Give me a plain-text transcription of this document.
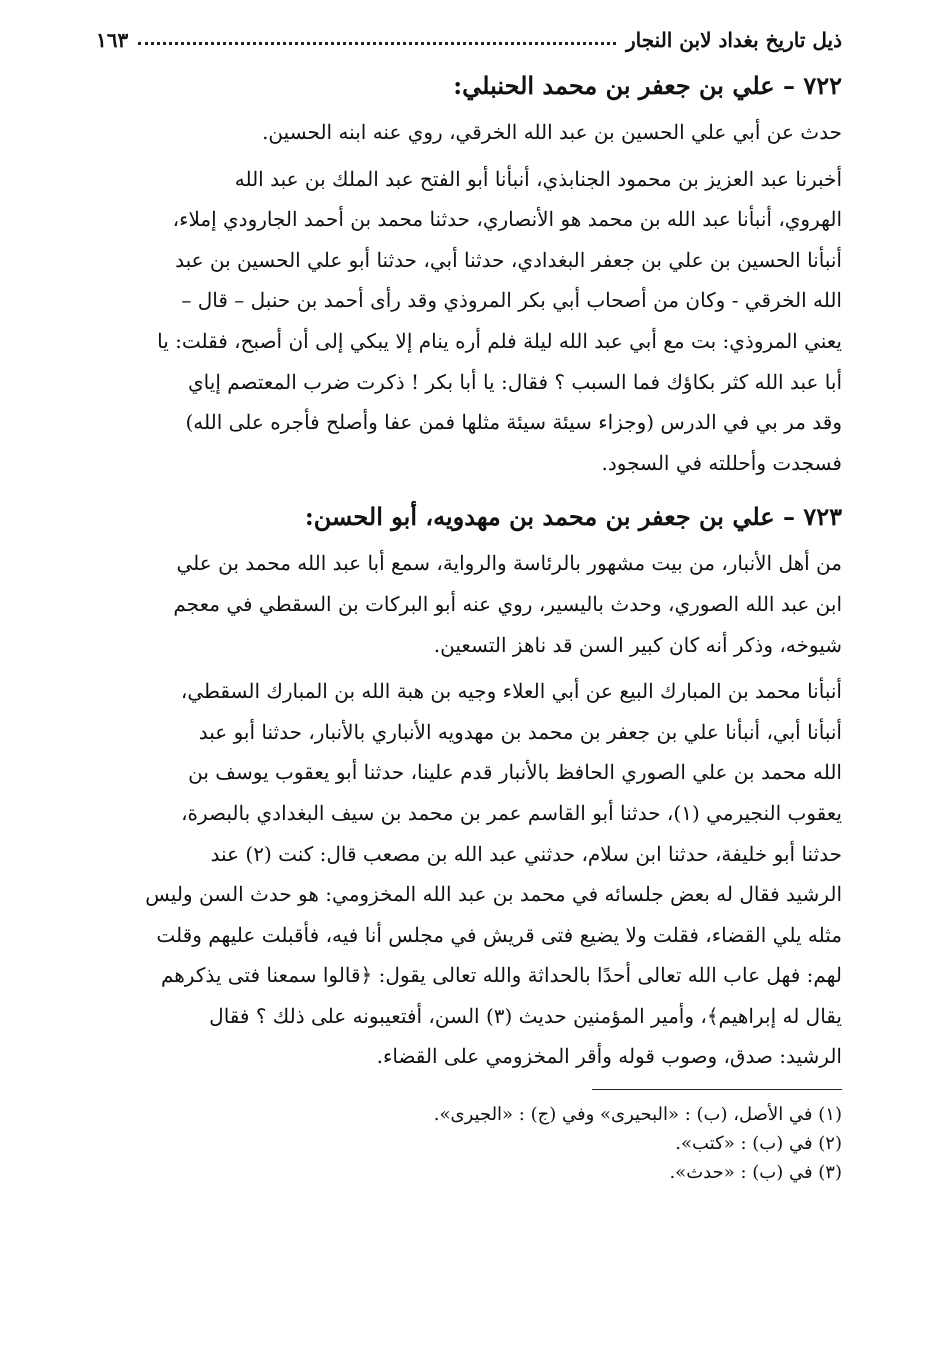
ذيل تاريخ بغداد لابن النجار
١٦٣
٧٢٢ – علي بن جعفر بن محمد الحنبلي:

حدث عن أبي علي الحسين بن عبد الله الخرقي، روي عنه ابنه الحسين.

أخبرنا عبد العزيز بن محمود الجنابذي، أنبأنا أبو الفتح عبد الملك بن عبد الله
الهروي، أنبأنا عبد الله بن محمد هو الأنصاري، حدثنا محمد بن أحمد الجارودي إملاء،
أنبأنا الحسين بن علي بن جعفر البغدادي، حدثنا أبي، حدثنا أبو علي الحسين بن عبد
الله الخرقي - وكان من أصحاب أبي بكر المروذي وقد رأى أحمد بن حنبل – قال –
يعني المروذي: بت مع أبي عبد الله ليلة فلم أره ينام إلا يبكي إلى أن أصبح، فقلت: يا
أبا عبد الله كثر بكاؤك فما السبب ؟ فقال: يا أبا بكر ! ذكرت ضرب المعتصم إياي
وقد مر بي في الدرس (وجزاء سيئة سيئة مثلها فمن عفا وأصلح فأجره على الله)
فسجدت وأحللته في السجود.

٧٢٣ – علي بن جعفر بن محمد بن مهدويه، أبو الحسن:

من أهل الأنبار، من بيت مشهور بالرئاسة والرواية، سمع أبا عبد الله محمد بن علي
ابن عبد الله الصوري، وحدث باليسير، روي عنه أبو البركات بن السقطي في معجم
شيوخه، وذكر أنه كان كبير السن قد ناهز التسعين.

أنبأنا محمد بن المبارك البيع عن أبي العلاء وجيه بن هبة الله بن المبارك السقطي،
أنبأنا أبي، أنبأنا علي بن جعفر بن محمد بن مهدويه الأنباري بالأنبار، حدثنا أبو عبد
الله محمد بن علي الصوري الحافظ بالأنبار قدم علينا، حدثنا أبو يعقوب يوسف بن
يعقوب النجيرمي (١)، حدثنا أبو القاسم عمر بن محمد بن سيف البغدادي بالبصرة،
حدثنا أبو خليفة، حدثنا ابن سلام، حدثني عبد الله بن مصعب قال: كنت (٢) عند
الرشيد فقال له بعض جلسائه في محمد بن عبد الله المخزومي: هو حدث السن وليس
مثله يلي القضاء، فقلت ولا يضيع فتى قريش في مجلس أنا فيه، فأقبلت عليهم وقلت
لهم: فهل عاب الله تعالى أحدًا بالحداثة والله تعالى يقول: ﴿قالوا سمعنا فتى يذكرهم
يقال له إبراهيم﴾، وأمير المؤمنين حديث (٣) السن، أفتعيبونه على ذلك ؟ فقال
الرشيد: صدق، وصوب قوله وأقر المخزومي على القضاء.

(١) في الأصل، (ب) : «البحيرى» وفي (ج) : «الجيرى».

(٢) في (ب) : «كتب».

(٣) في (ب) : «حدث».
